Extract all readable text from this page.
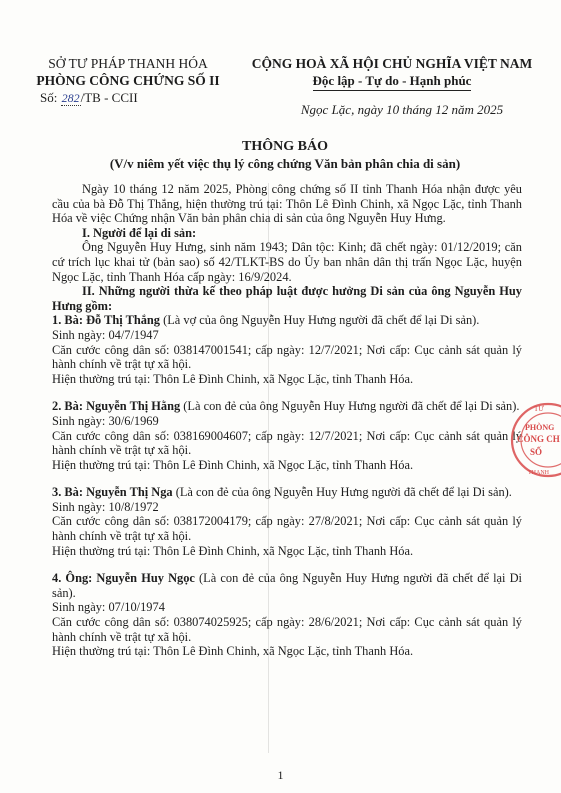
SỞ TƯ PHÁP THANH HÓA
PHÒNG CÔNG CHỨNG SỐ II
Số: 282/TB - CCII
CỘNG HOÀ XÃ HỘI CHỦ NGHĨA VIỆT NAM
Độc lập - Tự do - Hạnh phúc
Ngọc Lặc, ngày 10 tháng 12 năm 2025
THÔNG BÁO
(V/v niêm yết việc thụ lý công chứng Văn bản phân chia di sản)

Ngày 10 tháng 12 năm 2025, Phòng công chứng số II tỉnh Thanh Hóa nhận được yêu cầu của bà Đỗ Thị Thắng, hiện thường trú tại: Thôn Lê Đình Chinh, xã Ngọc Lặc, tỉnh Thanh Hóa về việc Chứng nhận Văn bản phân chia di sản của ông Nguyễn Huy Hưng.

I. Người để lại di sản:

Ông Nguyễn Huy Hưng, sinh năm 1943; Dân tộc: Kinh; đã chết ngày: 01/12/2019; căn cứ trích lục khai tử (bản sao) số 42/TLKT-BS do Ủy ban nhân dân thị trấn Ngọc Lặc, huyện Ngọc Lặc, tỉnh Thanh Hóa cấp ngày: 16/9/2024.

II. Những người thừa kế theo pháp luật được hưởng Di sản của ông Nguyễn Huy Hưng gồm:

1. Bà: Đỗ Thị Thắng (Là vợ của ông Nguyễn Huy Hưng người đã chết để lại Di sản).

Sinh ngày: 04/7/1947

Căn cước công dân số: 038147001541; cấp ngày: 12/7/2021; Nơi cấp: Cục cảnh sát quản lý hành chính về trật tự xã hội.

Hiện thường trú tại: Thôn Lê Đình Chinh, xã Ngọc Lặc, tỉnh Thanh Hóa.

2. Bà: Nguyễn Thị Hằng (Là con đẻ của ông Nguyễn Huy Hưng người đã chết để lại Di sản).

Sinh ngày: 30/6/1969

Căn cước công dân số: 038169004607; cấp ngày: 12/7/2021; Nơi cấp: Cục cảnh sát quản lý hành chính về trật tự xã hội.

Hiện thường trú tại: Thôn Lê Đình Chinh, xã Ngọc Lặc, tỉnh Thanh Hóa.

3. Bà: Nguyễn Thị Nga (Là con đẻ của ông Nguyễn Huy Hưng người đã chết để lại Di sản).

Sinh ngày: 10/8/1972

Căn cước công dân số: 038172004179; cấp ngày: 27/8/2021; Nơi cấp: Cục cảnh sát quản lý hành chính về trật tự xã hội.

Hiện thường trú tại: Thôn Lê Đình Chinh, xã Ngọc Lặc, tỉnh Thanh Hóa.

4. Ông: Nguyễn Huy Ngọc (Là con đẻ của ông Nguyễn Huy Hưng người đã chết để lại Di sản).

Sinh ngày: 07/10/1974

Căn cước công dân số: 038074025925; cấp ngày: 28/6/2021; Nơi cấp: Cục cảnh sát quản lý hành chính về trật tự xã hội.

Hiện thường trú tại: Thôn Lê Đình Chinh, xã Ngọc Lặc, tỉnh Thanh Hóa.

TƯ
PHÒNG
CÔNG CH
SỐ
THANH
1
